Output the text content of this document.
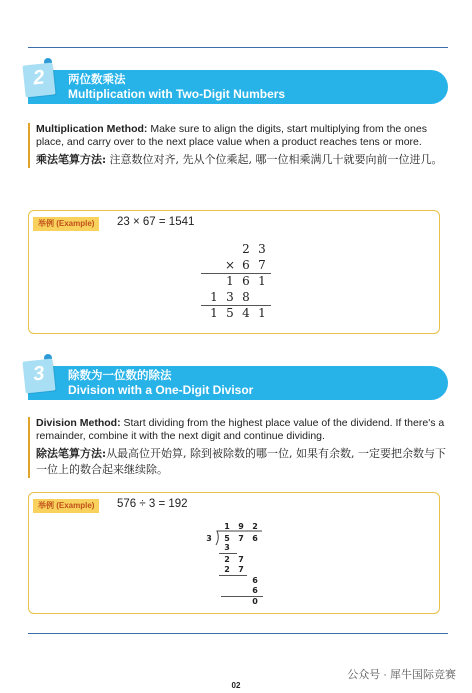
2	两位数乘法
Multiplication with Two-Digit Numbers

Multiplication Method: Make sure to align the digits, start multiplying from the ones place, and carry over to the next place value when a product reaches tens or more.

乘法笔算方法: 注意数位对齐, 先从个位乘起, 哪一位相乘满几十就要向前一位进几。

举例 (Example)	23 × 67 = 1541
2 3
× 6 7
1 6 1
1 3 8
1 5 4 1
3	除数为一位数的除法
Division with a One-Digit Divisor

Division Method: Start dividing from the highest place value of the dividend. If there's a remainder, combine it with the next digit and continue dividing.

除法笔算方法:从最高位开始算, 除到被除数的哪一位, 如果有余数, 一定要把余数与下一位上的数合起来继续除。

举例 (Example)	576 ÷ 3 = 192
1 9 2
3 5 7 6
3
2 7
2 7
6
6
0
公众号 · 犀牛国际竞赛
02
